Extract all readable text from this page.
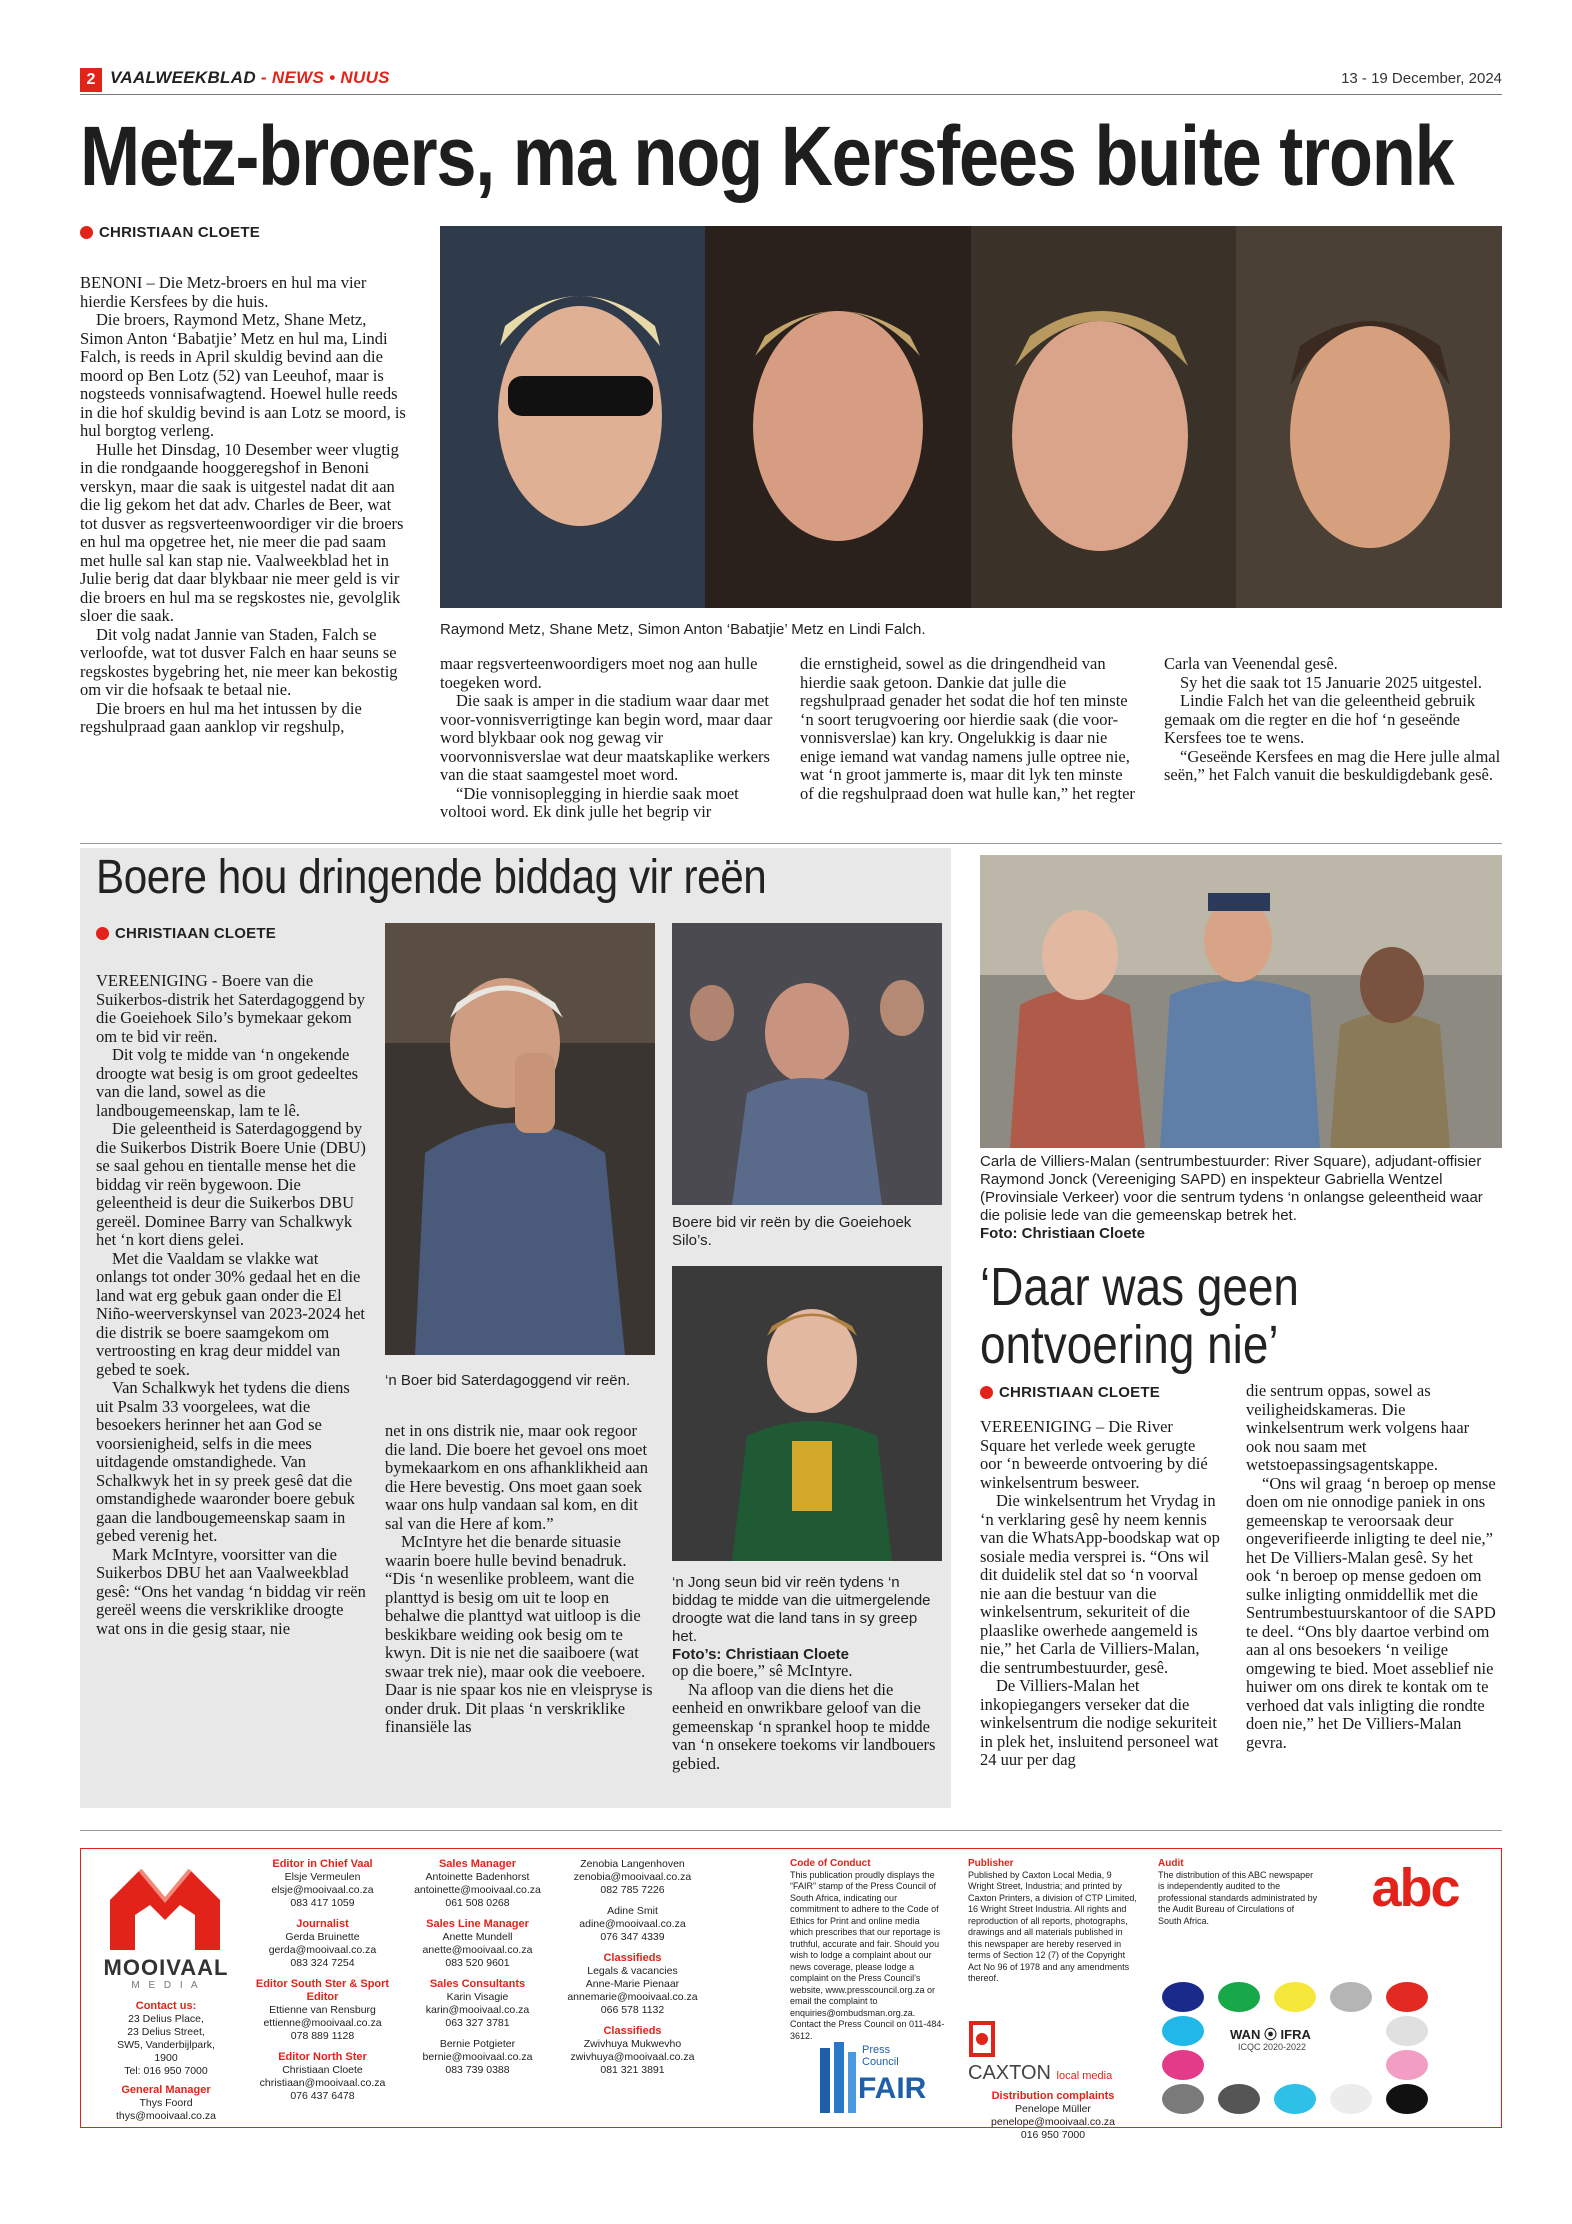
2 VAALWEEKBLAD - NEWS • NUUS	13 - 19 December, 2024
Metz-broers, ma nog Kersfees buite tronk
CHRISTIAAN CLOETE

BENONI – Die Metz-broers en hul ma vier hierdie Kersfees by die huis.

Die broers, Raymond Metz, Shane Metz, Simon Anton ‘Babatjie’ Metz en hul ma, Lindi Falch, is reeds in April skuldig bevind aan die moord op Ben Lotz (52) van Leeuhof, maar is nogsteeds vonnisafwagtend. Hoewel hulle reeds in die hof skuldig bevind is aan Lotz se moord, is hul borgtog verleng.

Hulle het Dinsdag, 10 Desember weer vlugtig in die rondgaande hooggeregshof in Benoni verskyn, maar die saak is uitgestel nadat dit aan die lig gekom het dat adv. Charles de Beer, wat tot dusver as regsverteenwoordiger vir die broers en hul ma opgetree het, nie meer die pad saam met hulle sal kan stap nie. Vaalweekblad het in Julie berig dat daar blykbaar nie meer geld is vir die broers en hul ma se regskostes nie, gevolglik sloer die saak.

Dit volg nadat Jannie van Staden, Falch se verloofde, wat tot dusver Falch en haar seuns se regskostes bygebring het, nie meer kan bekostig om vir die hofsaak te betaal nie.

Die broers en hul ma het intussen by die regshulpraad gaan aanklop vir regshulp,

Raymond Metz, Shane Metz, Simon Anton ‘Babatjie’ Metz en Lindi Falch.

maar regsverteenwoordigers moet nog aan hulle toegeken word.

Die saak is amper in die stadium waar daar met voor-vonnisverrigtinge kan begin word, maar daar word blykbaar ook nog gewag vir voorvonnisverslae wat deur maatskaplike werkers van die staat saamgestel moet word.

“Die vonnisoplegging in hierdie saak moet voltooi word. Ek dink julle het begrip vir

die ernstigheid, sowel as die dringendheid van hierdie saak getoon. Dankie dat julle die regshulpraad genader het sodat die hof ten minste ‘n soort terugvoering oor hierdie saak (die voor-vonnisverslae) kan kry. Ongelukkig is daar nie enige iemand wat vandag namens julle optree nie, wat ‘n groot jammerte is, maar dit lyk ten minste of die regshulpraad doen wat hulle kan,” het regter

Carla van Veenendal gesê.

Sy het die saak tot 15 Januarie 2025 uitgestel.

Lindie Falch het van die geleentheid gebruik gemaak om die regter en die hof ‘n geseënde Kersfees toe te wens.

“Geseënde Kersfees en mag die Here julle almal seën,” het Falch vanuit die beskuldigdebank gesê.

Boere hou dringende biddag vir reën
CHRISTIAAN CLOETE

VEREENIGING - Boere van die Suikerbos-distrik het Saterdagoggend by die Goeiehoek Silo’s bymekaar gekom om te bid vir reën.

Dit volg te midde van ‘n ongekende droogte wat besig is om groot gedeeltes van die land, sowel as die landbougemeenskap, lam te lê.

Die geleentheid is Saterdagoggend by die Suikerbos Distrik Boere Unie (DBU) se saal gehou en tientalle mense het die biddag vir reën bygewoon. Die geleentheid is deur die Suikerbos DBU gereël. Dominee Barry van Schalkwyk het ‘n kort diens gelei.

Met die Vaaldam se vlakke wat onlangs tot onder 30% gedaal het en die land wat erg gebuk gaan onder die El Niño-weerverskynsel van 2023-2024 het die distrik se boere saamgekom om vertroosting en krag deur middel van gebed te soek.

Van Schalkwyk het tydens die diens uit Psalm 33 voorgelees, wat die besoekers herinner het aan God se voorsienigheid, selfs in die mees uitdagende omstandighede. Van Schalkwyk het in sy preek gesê dat die omstandighede waaronder boere gebuk gaan die landbougemeenskap saam in gebed verenig het.

Mark McIntyre, voorsitter van die Suikerbos DBU het aan Vaalweekblad gesê: “Ons het vandag ‘n biddag vir reën gereël weens die verskriklike droogte wat ons in die gesig staar, nie

‘n Boer bid Saterdagoggend vir reën.
Boere bid vir reën by die Goeiehoek Silo’s.
‘n Jong seun bid vir reën tydens ‘n biddag te midde van die uitmergelende droogte wat die land tans in sy greep het.
Foto’s: Christiaan Cloete

net in ons distrik nie, maar ook regoor die land. Die boere het gevoel ons moet bymekaarkom en ons afhanklikheid aan die Here bevestig. Ons moet gaan soek waar ons hulp vandaan sal kom, en dit sal van die Here af kom.”

McIntyre het die benarde situasie waarin boere hulle bevind benadruk. “Dis ‘n wesenlike probleem, want die planttyd is besig om uit te loop en behalwe die planttyd wat uitloop is die beskikbare weiding ook besig om te kwyn. Dit is nie net die saaiboere (wat swaar trek nie), maar ook die veeboere. Daar is nie spaar kos nie en vleispryse is onder druk. Dit plaas ‘n verskriklike finansiële las

op die boere,” sê McIntyre.

Na afloop van die diens het die eenheid en onwrikbare geloof van die gemeenskap ‘n sprankel hoop te midde van ‘n onsekere toekoms vir landbouers gebied.

Carla de Villiers-Malan (sentrumbestuurder: River Square), adjudant-offisier Raymond Jonck (Vereeniging SAPD) en inspekteur Gabriella Wentzel (Provinsiale Verkeer) voor die sentrum tydens ‘n onlangse geleentheid waar die polisie lede van die gemeenskap betrek het.
Foto: Christiaan Cloete
‘Daar was geen
ontvoering nie’
CHRISTIAAN CLOETE

VEREENIGING – Die River Square het verlede week gerugte oor ‘n beweerde ontvoering by dié winkelsentrum besweer.

Die winkelsentrum het Vrydag in ‘n verklaring gesê hy neem kennis van die WhatsApp-boodskap wat op sosiale media versprei is. “Ons wil dit duidelik stel dat so ‘n voorval nie aan die bestuur van die winkelsentrum, sekuriteit of die plaaslike owerhede aangemeld is nie,” het Carla de Villiers-Malan, die sentrumbestuurder, gesê.

De Villiers-Malan het inkopiegangers verseker dat die winkelsentrum die nodige sekuriteit in plek het, insluitend personeel wat 24 uur per dag

die sentrum oppas, sowel as veiligheidskameras. Die winkelsentrum werk volgens haar ook nou saam met wetstoepassingsagentskappe.

“Ons wil graag ‘n beroep op mense doen om nie onnodige paniek in ons gemeenskap te veroorsaak deur ongeverifieerde inligting te deel nie,” het De Villiers-Malan gesê. Sy het ook ‘n beroep op mense gedoen om sulke inligting onmiddellik met die Sentrumbestuurskantoor of die SAPD te deel. “Ons bly daartoe verbind om aan al ons besoekers ‘n veilige omgewing te bied. Moet asseblief nie huiwer om ons direk te kontak om te verhoed dat vals inligting die rondte doen nie,” het De Villiers-Malan gevra.

MOOIVAAL
M E D I A
Contact us:
23 Delius Place,
23 Delius Street,
SW5, Vanderbijlpark,
1900
Tel: 016 950 7000
General Manager
Thys Foord
thys@mooivaal.co.za
Editor in Chief Vaal
Elsje Vermeulen
elsje@mooivaal.co.za
083 417 1059
Journalist
Gerda Bruinette
gerda@mooivaal.co.za
083 324 7254
Editor South Ster & Sport Editor
Ettienne van Rensburg
ettienne@mooivaal.co.za
078 889 1128
Editor North Ster
Christiaan Cloete
christiaan@mooivaal.co.za
076 437 6478
Sales Manager
Antoinette Badenhorst
antoinette@mooivaal.co.za
061 508 0268
Sales Line Manager
Anette Mundell
anette@mooivaal.co.za
083 520 9601
Sales Consultants
Karin Visagie
karin@mooivaal.co.za
063 327 3781
Bernie Potgieter
bernie@mooivaal.co.za
083 739 0388
Zenobia Langenhoven
zenobia@mooivaal.co.za
082 785 7226
Adine Smit
adine@mooivaal.co.za
076 347 4339
Classifieds
Legals & vacancies
Anne-Marie Pienaar
annemarie@mooivaal.co.za
066 578 1132
Classifieds
Zwivhuya Mukwevho
zwivhuya@mooivaal.co.za
081 321 3891
Code of Conduct
This publication proudly displays the “FAIR” stamp of the Press Council of South Africa, indicating our commitment to adhere to the Code of Ethics for Print and online media which prescribes that our reportage is truthful, accurate and fair. Should you wish to lodge a complaint about our news coverage, please lodge a complaint on the Press Council’s website, www.presscouncil.org.za or email the complaint to enquiries@ombudsman.org.za. Contact the Press Council on 011-484-3612.
Press
Council
FAIR
Publisher
Published by Caxton Local Media, 9 Wright Street, Industria; and printed by Caxton Printers, a division of CTP Limited, 16 Wright Street Industria. All rights and reproduction of all reports, photographs, drawings and all materials published in this newspaper are hereby reserved in terms of Section 12 (7) of the Copyright Act No 96 of 1978 and any amendments thereof.
CAXTON local media
Distribution complaints
Penelope Müller
penelope@mooivaal.co.za
016 950 7000
Audit
The distribution of this ABC newspaper is independently audited to the professional standards administrated by the Audit Bureau of Circulations of South Africa.
abc
WAN ⦿ IFRA
ICQC 2020-2022
